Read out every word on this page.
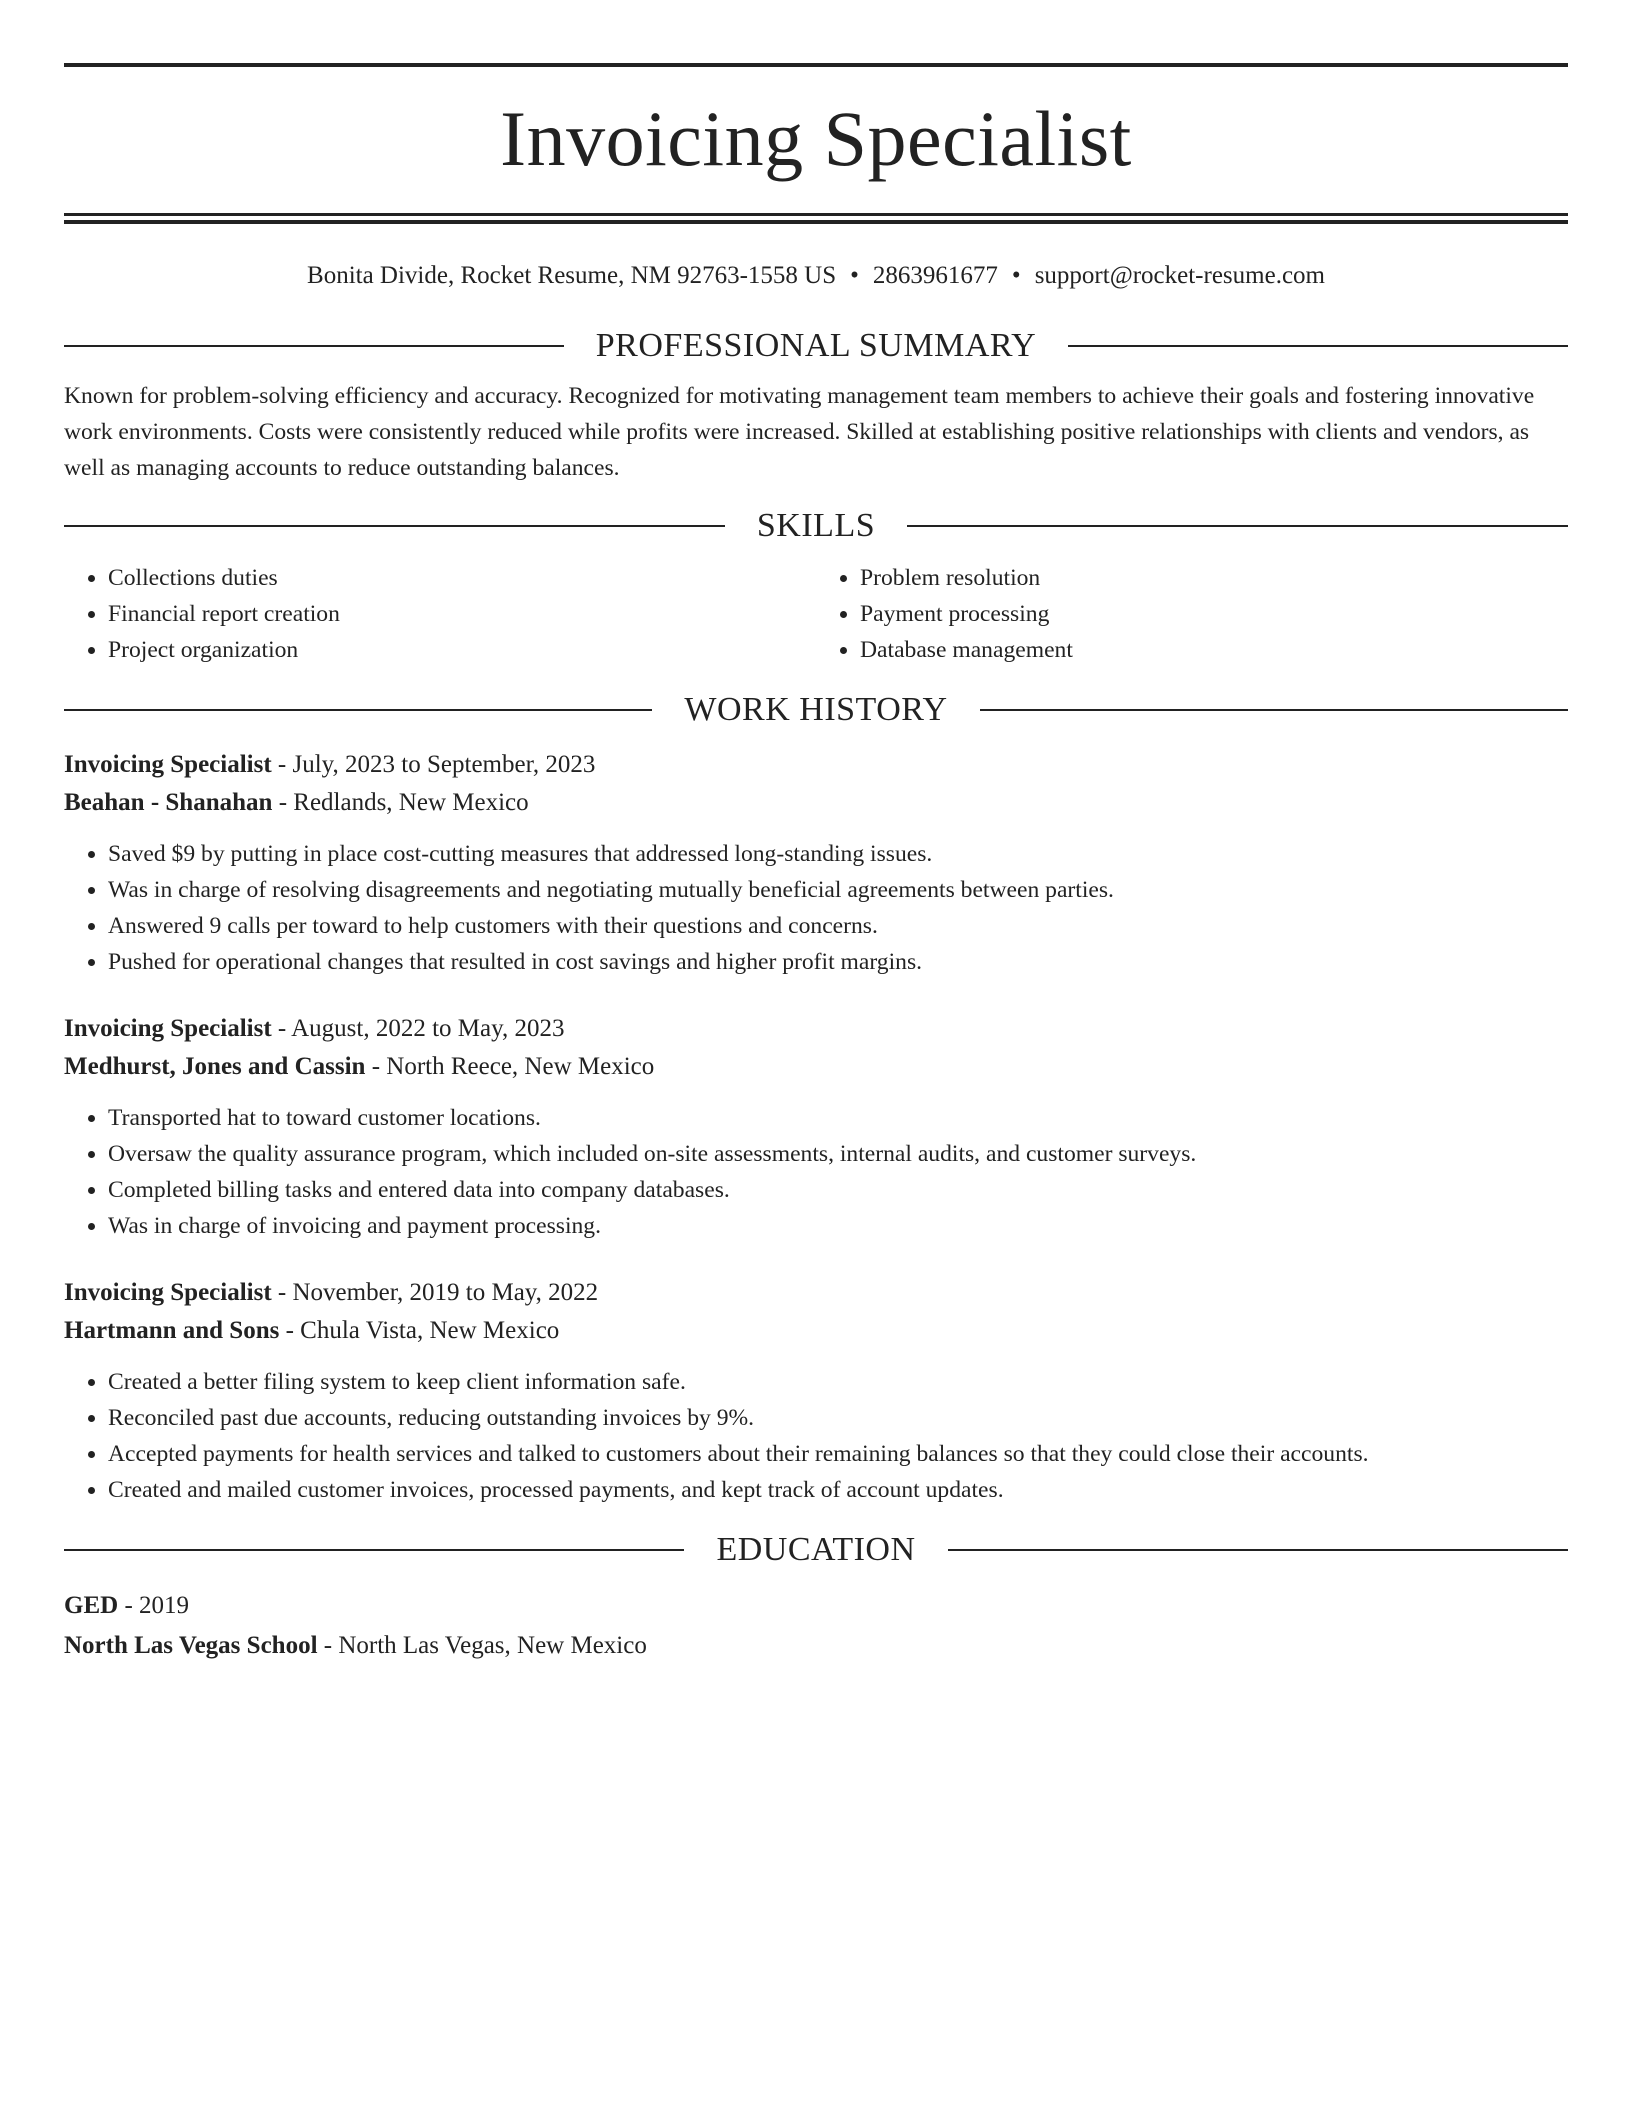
Invoicing Specialist
Bonita Divide, Rocket Resume, NM 92763-1558 US • 2863961677 • support@rocket-resume.com
PROFESSIONAL SUMMARY

Known for problem-solving efficiency and accuracy. Recognized for motivating management team members to achieve their goals and fostering innovative work environments. Costs were consistently reduced while profits were increased. Skilled at establishing positive relationships with clients and vendors, as well as managing accounts to reduce outstanding balances.

SKILLS
• Collections duties
• Financial report creation
• Project organization
• Problem resolution
• Payment processing
• Database management
WORK HISTORY
Invoicing Specialist - July, 2023 to September, 2023
Beahan - Shanahan - Redlands, New Mexico
• Saved $9 by putting in place cost-cutting measures that addressed long-standing issues.
• Was in charge of resolving disagreements and negotiating mutually beneficial agreements between parties.
• Answered 9 calls per toward to help customers with their questions and concerns.
• Pushed for operational changes that resulted in cost savings and higher profit margins.
Invoicing Specialist - August, 2022 to May, 2023
Medhurst, Jones and Cassin - North Reece, New Mexico
• Transported hat to toward customer locations.
• Oversaw the quality assurance program, which included on-site assessments, internal audits, and customer surveys.
• Completed billing tasks and entered data into company databases.
• Was in charge of invoicing and payment processing.
Invoicing Specialist - November, 2019 to May, 2022
Hartmann and Sons - Chula Vista, New Mexico
• Created a better filing system to keep client information safe.
• Reconciled past due accounts, reducing outstanding invoices by 9%.
• Accepted payments for health services and talked to customers about their remaining balances so that they could close their accounts.
• Created and mailed customer invoices, processed payments, and kept track of account updates.
EDUCATION
GED - 2019
North Las Vegas School - North Las Vegas, New Mexico
